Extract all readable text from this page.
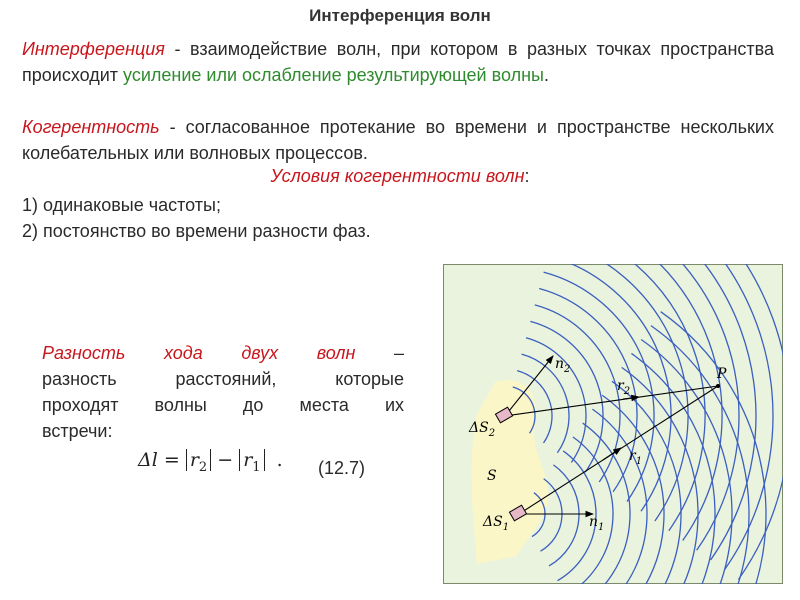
Интерференция волн
Интерференция - взаимодействие волн, при котором в разных точках пространства происходит усиление или ослабление результирующей волны.
Когерентность - согласованное протекание во времени и пространстве нескольких колебательных или волновых процессов.
Условия когерентности волн:
1) одинаковые частоты;
2) постоянство во времени разности фаз.
Разность хода двух волн –
разность	расстояний,	которые
проходят волны до места их
встречи:
$\Delta l = r_2 - r_1$ . (12.7)
P
S
$\Delta S_2$
$\Delta S_1$
$n_2$
$n_1$
$r_2$
$r_1$
